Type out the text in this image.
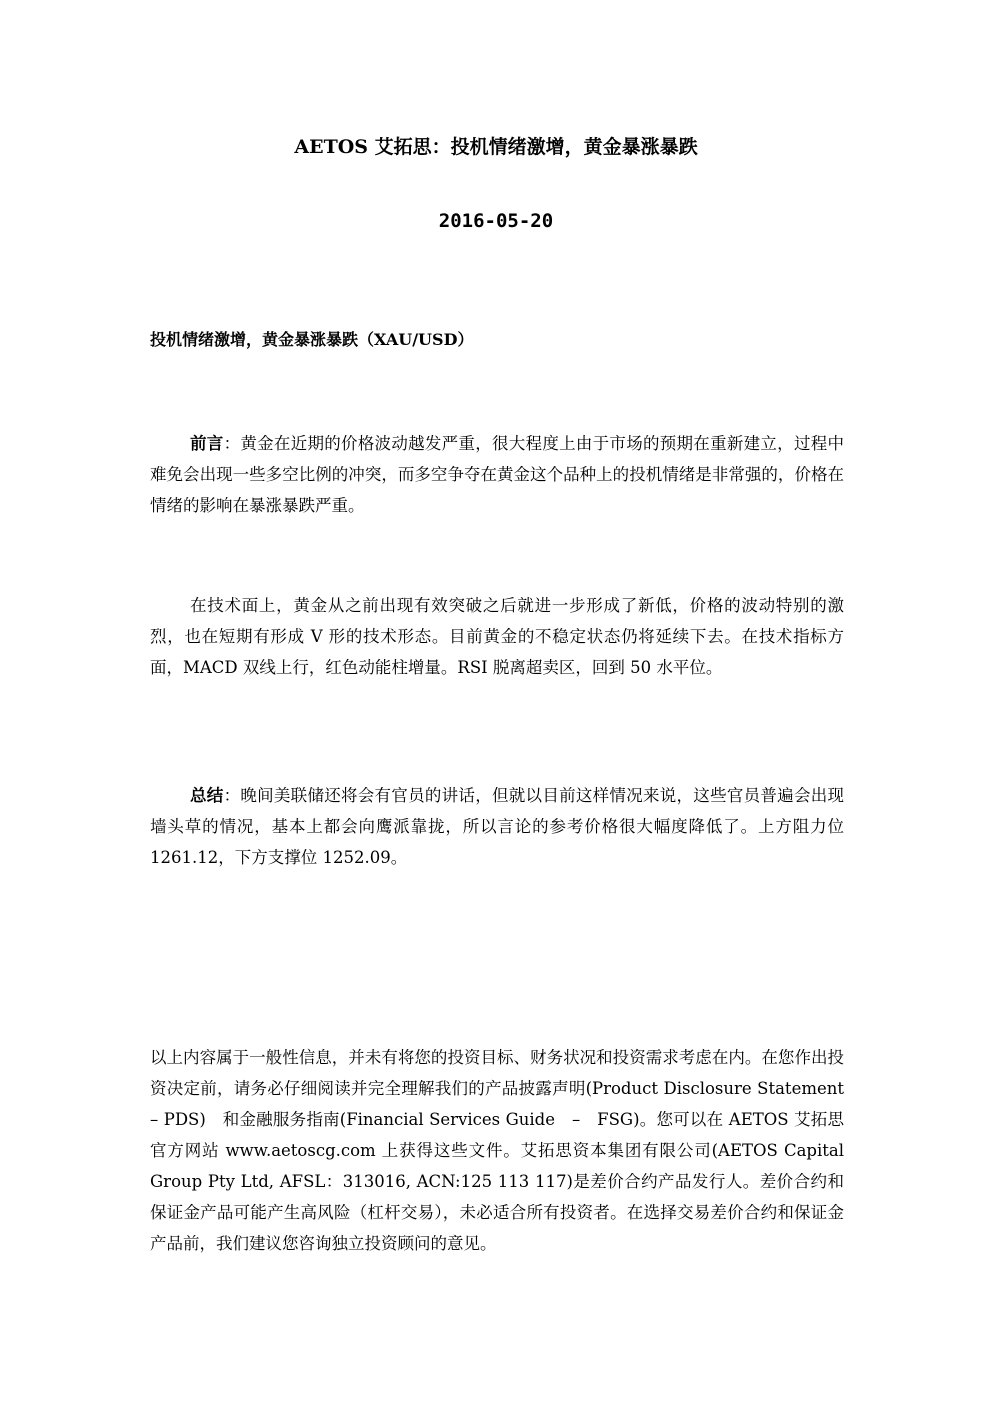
AETOS 艾拓思：投机情绪激增，黄金暴涨暴跌
2016-05-20
投机情绪激增，黄金暴涨暴跌（XAU/USD）

前言：黄金在近期的价格波动越发严重，很大程度上由于市场的预期在重新建立，过程中难免会出现一些多空比例的冲突，而多空争夺在黄金这个品种上的投机情绪是非常强的，价格在情绪的影响在暴涨暴跌严重。

在技术面上，黄金从之前出现有效突破之后就进一步形成了新低，价格的波动特别的激烈，也在短期有形成 V 形的技术形态。目前黄金的不稳定状态仍将延续下去。在技术指标方面，MACD 双线上行，红色动能柱增量。RSI 脱离超卖区，回到 50 水平位。

总结：晚间美联储还将会有官员的讲话，但就以目前这样情况来说，这些官员普遍会出现墙头草的情况，基本上都会向鹰派靠拢，所以言论的参考价格很大幅度降低了。上方阻力位 1261.12，下方支撑位 1252.09。

以上内容属于一般性信息，并未有将您的投资目标、财务状况和投资需求考虑在内。在您作出投资决定前，请务必仔细阅读并完全理解我们的产品披露声明(Product Disclosure Statement – PDS)　和金融服务指南(Financial Services Guide　–　FSG)。您可以在 AETOS 艾拓思官方网站 www.aetoscg.com 上获得这些文件。艾拓思资本集团有限公司(AETOS Capital Group Pty Ltd, AFSL：313016, ACN:125 113 117)是差价合约产品发行人。差价合约和保证金产品可能产生高风险（杠杆交易），未必适合所有投资者。在选择交易差价合约和保证金产品前，我们建议您咨询独立投资顾问的意见。
